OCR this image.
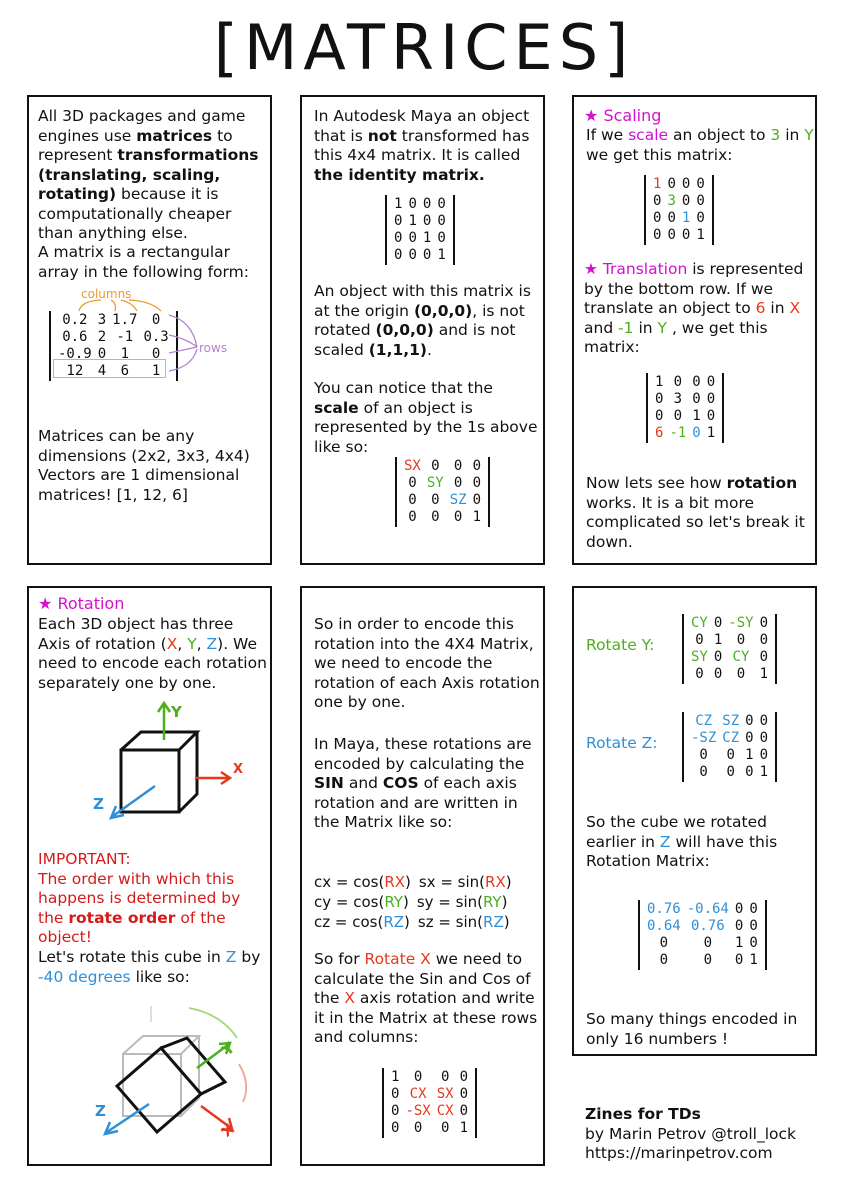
[MATRICES]

All 3D packages and game engines use matrices to represent transformations (translating, scaling, rotating) because it is computationally cheaper than anything else.

A matrix is a rectangular array in the following form:

columns
0.2	3	1.7	0
0.6	2	-1	0.3
-0.9	0	1	0
12	4	6	1
rows

Matrices can be any dimensions (2x2, 3x3, 4x4) Vectors are 1 dimensional matrices! [1, 12, 6]

In Autodesk Maya an object that is not transformed has this 4x4 matrix. It is called the identity matrix.

1	0	0	0
0	1	0	0
0	0	1	0
0	0	0	1

An object with this matrix is at the origin (0,0,0), is not rotated (0,0,0) and is not scaled (1,1,1).

You can notice that the scale of an object is represented by the 1s above like so:

SX	0	0	0
0	SY	0	0
0	0	SZ	0
0	0	0	1
★ Scaling

If we scale an object to 3 in Y we get this matrix:

1	0	0	0
0	3	0	0
0	0	1	0
0	0	0	1
★ Translation is represented by the bottom row. If we translate an object to 6 in X and -1 in Y , we get this matrix:
1	0	0	0
0	3	0	0
0	0	1	0
6	-1	0	1

Now lets see how rotation works. It is a bit more complicated so let's break it down.

★ Rotation

Each 3D object has three Axis of rotation (X, Y, Z). We need to encode each rotation separately one by one.

Y
X
Z

IMPORTANT:
The order with which this happens is determined by the rotate order of the object!

Let's rotate this cube in Z by -40 degrees like so:

Y
X
Z

So in order to encode this rotation into the 4X4 Matrix, we need to encode the rotation of each Axis rotation one by one.

In Maya, these rotations are encoded by calculating the SIN and COS of each axis rotation and are written in the Matrix like so:

cx = cos(RX) sx = sin(RX)
cy = cos(RY) sy = sin(RY)
cz = cos(RZ) sz = sin(RZ)

So for Rotate X we need to calculate the Sin and Cos of the X axis rotation and write it in the Matrix at these rows and columns:

1	0	0	0
0	CX	SX	0
0	-SX	CX	0
0	0	0	1
Rotate Y:
CY	0	-SY	0
0	1	0	0
SY	0	CY	0
0	0	0	1
Rotate Z:
CZ	SZ	0	0
-SZ	CZ	0	0
0	0	1	0
0	0	0	1

So the cube we rotated earlier in Z will have this Rotation Matrix:

0.76	-0.64	0	0
0.64	0.76	0	0
0	0	1	0
0	0	0	1

So many things encoded in only 16 numbers !

Zines for TDs
by Marin Petrov @troll_lock
https://marinpetrov.com
